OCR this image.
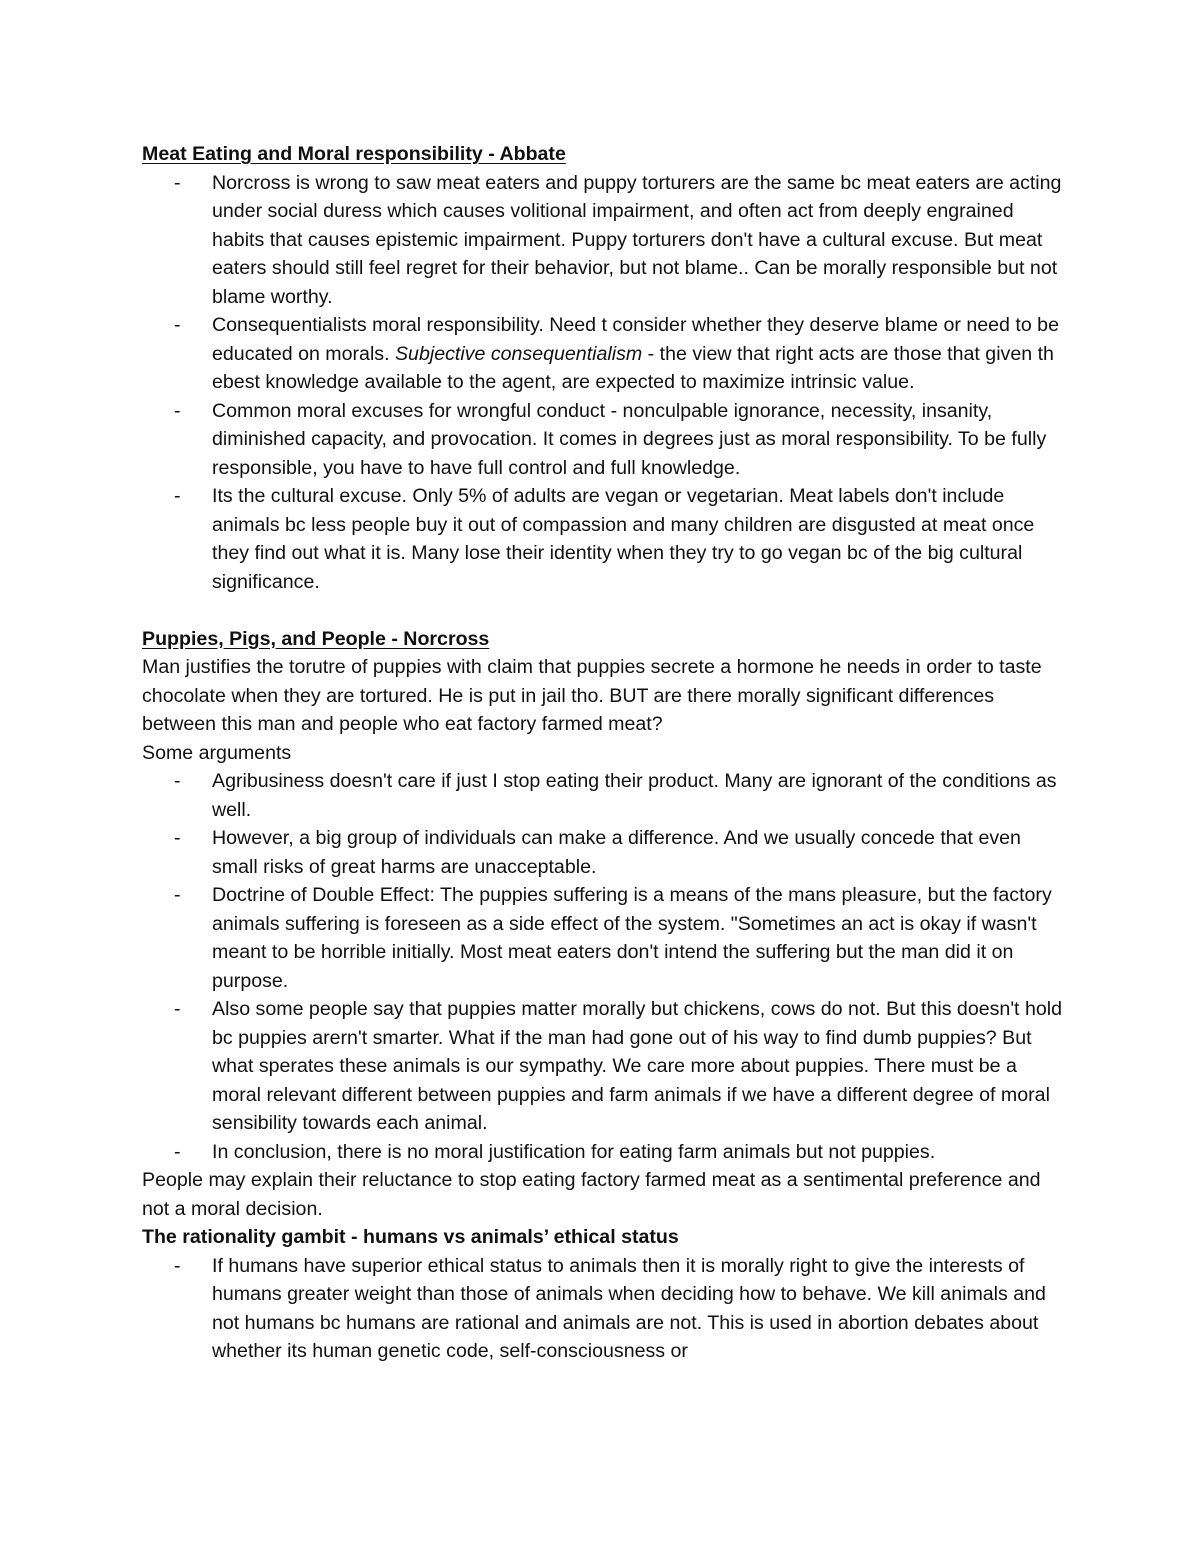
Meat Eating and Moral responsibility - Abbate
- Norcross is wrong to saw meat eaters and puppy torturers are the same bc meat eaters are acting under social duress which causes volitional impairment, and often act from deeply engrained habits that causes epistemic impairment. Puppy torturers don't have a cultural excuse. But meat eaters should still feel regret for their behavior, but not blame.. Can be morally responsible but not blame worthy.
- Consequentialists moral responsibility. Need t consider whether they deserve blame or need to be educated on morals. Subjective consequentialism - the view that right acts are those that given th ebest knowledge available to the agent, are expected to maximize intrinsic value.
- Common moral excuses for wrongful conduct - nonculpable ignorance, necessity, insanity, diminished capacity, and provocation. It comes in degrees just as moral responsibility. To be fully responsible, you have to have full control and full knowledge.
- Its the cultural excuse. Only 5% of adults are vegan or vegetarian. Meat labels don't include animals bc less people buy it out of compassion and many children are disgusted at meat once they find out what it is. Many lose their identity when they try to go vegan bc of the big cultural significance.
Puppies, Pigs, and People - Norcross

Man justifies the torutre of puppies with claim that puppies secrete a hormone he needs in order to taste chocolate when they are tortured. He is put in jail tho. BUT are there morally significant differences between this man and people who eat factory farmed meat?

Some arguments

- Agribusiness doesn't care if just I stop eating their product. Many are ignorant of the conditions as well.
- However, a big group of individuals can make a difference. And we usually concede that even small risks of great harms are unacceptable.
- Doctrine of Double Effect: The puppies suffering is a means of the mans pleasure, but the factory animals suffering is foreseen as a side effect of the system. "Sometimes an act is okay if wasn't meant to be horrible initially. Most meat eaters don't intend the suffering but the man did it on purpose.
- Also some people say that puppies matter morally but chickens, cows do not. But this doesn't hold bc puppies arern't smarter. What if the man had gone out of his way to find dumb puppies? But what sperates these animals is our sympathy. We care more about puppies. There must be a moral relevant different between puppies and farm animals if we have a different degree of moral sensibility towards each animal.
- In conclusion, there is no moral justification for eating farm animals but not puppies.

People may explain their reluctance to stop eating factory farmed meat as a sentimental preference and not a moral decision.

The rationality gambit - humans vs animals’ ethical status
- If humans have superior ethical status to animals then it is morally right to give the interests of humans greater weight than those of animals when deciding how to behave. We kill animals and not humans bc humans are rational and animals are not. This is used in abortion debates about whether its human genetic code, self-consciousness or
